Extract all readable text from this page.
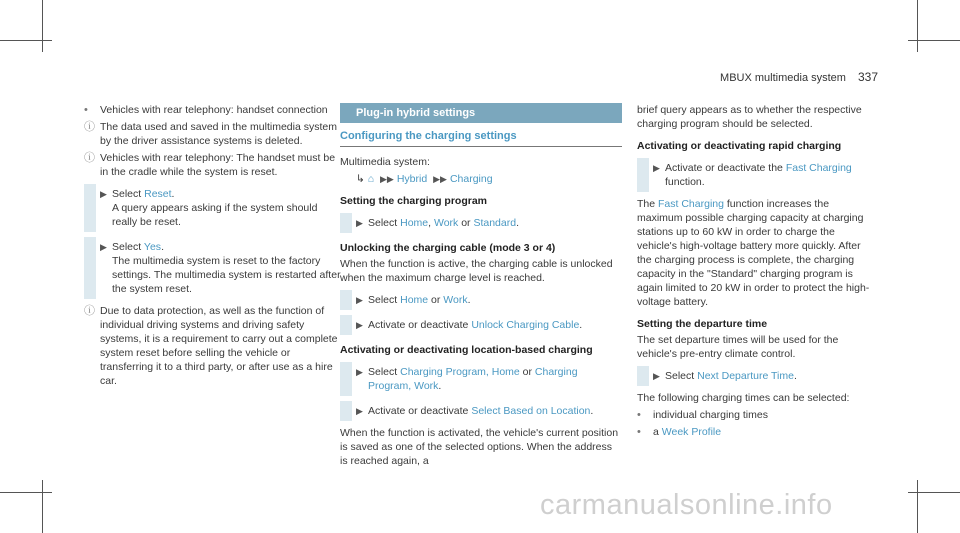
MBUX multimedia system 337
• Vehicles with rear telephony: handset connection
ⓘ The data used and saved in the multimedia system by the driver assistance systems is deleted.
ⓘ Vehicles with rear telephony: The handset must be in the cradle while the system is reset.
▶ Select Reset.
A query appears asking if the system should really be reset.
▶ Select Yes.
The multimedia system is reset to the factory settings. The multimedia system is restarted after the system reset.
ⓘ Due to data protection, as well as the function of individual driving systems and driving safety systems, it is a requirement to carry out a complete system reset before selling the vehicle or transferring it to a third party, or after use as a hire car.
Plug-in hybrid settings
Configuring the charging settings

Multimedia system:

↳ ⌂ ▶▶ Hybrid ▶▶ Charging
Setting the charging program
▶ Select Home, Work or Standard.
Unlocking the charging cable (mode 3 or 4)

When the function is active, the charging cable is unlocked when the maximum charge level is reached.

▶ Select Home or Work.
▶ Activate or deactivate Unlock Charging Cable.
Activating or deactivating location-based charging
▶ Select Charging Program, Home or Charging Program, Work.
▶ Activate or deactivate Select Based on Location.

When the function is activated, the vehicle's current position is saved as one of the selected options. When the address is reached again, a

brief query appears as to whether the respective charging program should be selected.

Activating or deactivating rapid charging
▶ Activate or deactivate the Fast Charging function.

The Fast Charging function increases the maximum possible charging capacity at charging stations up to 60 kW in order to charge the vehicle's high-voltage battery more quickly. After the charging process is complete, the charging capacity in the "Standard" charging program is again limited to 20 kW in order to protect the high-voltage battery.

Setting the departure time

The set departure times will be used for the vehicle's pre-entry climate control.

▶ Select Next Departure Time.

The following charging times can be selected:

• individual charging times
• a Week Profile
carmanualsonline.info
